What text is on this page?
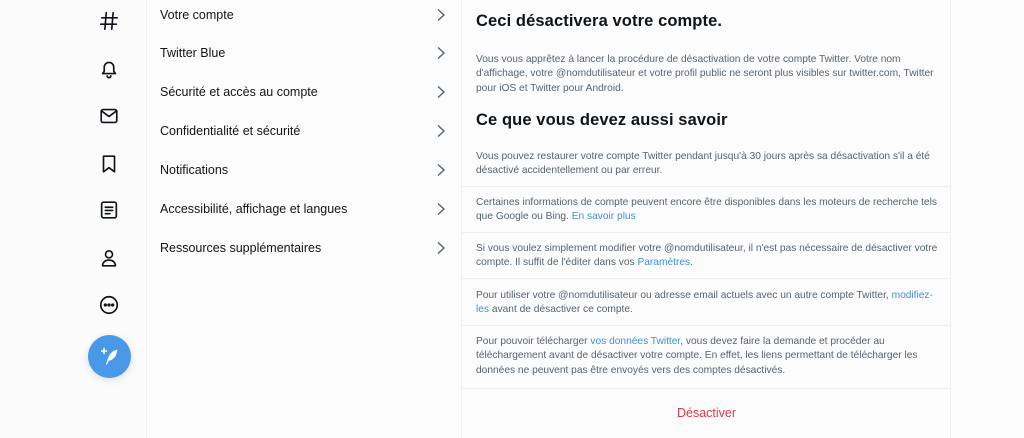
Votre compte
Twitter Blue
Sécurité et accès au compte
Confidentialité et sécurité
Notifications
Accessibilité, affichage et langues
Ressources supplémentaires
Ceci désactivera votre compte.

Vous vous apprêtez à lancer la procédure de désactivation de votre compte Twitter. Votre nom d'affichage, votre @nomdutilisateur et votre profil public ne seront plus visibles sur twitter.com, Twitter pour iOS et Twitter pour Android.

Ce que vous devez aussi savoir

Vous pouvez restaurer votre compte Twitter pendant jusqu'à 30 jours après sa désactivation s'il a été désactivé accidentellement ou par erreur.

Certaines informations de compte peuvent encore être disponibles dans les moteurs de recherche tels que Google ou Bing. En savoir plus

Si vous voulez simplement modifier votre @nomdutilisateur, il n'est pas nécessaire de désactiver votre compte. Il suffit de l'éditer dans vos Paramètres.

Pour utiliser votre @nomdutilisateur ou adresse email actuels avec un autre compte Twitter, modifiez-les avant de désactiver ce compte.

Pour pouvoir télécharger vos données Twitter, vous devez faire la demande et procéder au téléchargement avant de désactiver votre compte. En effet, les liens permettant de télécharger les données ne peuvent pas être envoyés vers des comptes désactivés.

Désactiver
